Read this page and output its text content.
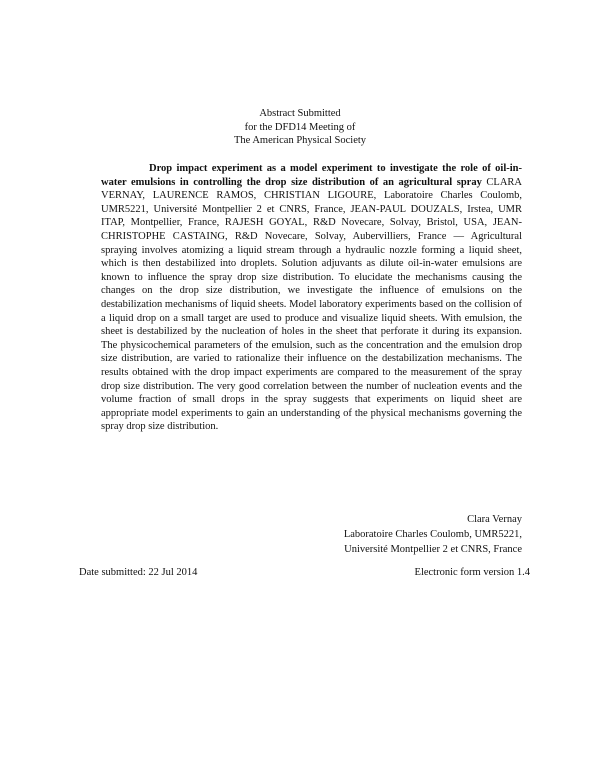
Abstract Submitted
for the DFD14 Meeting of
The American Physical Society
Drop impact experiment as a model experiment to investigate the role of oil-in-water emulsions in controlling the drop size distribution of an agricultural spray CLARA VERNAY, LAURENCE RAMOS, CHRISTIAN LIGOURE, Laboratoire Charles Coulomb, UMR5221, Université Montpellier 2 et CNRS, France, JEAN-PAUL DOUZALS, Irstea, UMR ITAP, Montpellier, France, RAJESH GOYAL, R&D Novecare, Solvay, Bristol, USA, JEAN-CHRISTOPHE CASTAING, R&D Novecare, Solvay, Aubervilliers, France — Agricultural spraying involves atomizing a liquid stream through a hydraulic nozzle forming a liquid sheet, which is then destabilized into droplets. Solution adjuvants as dilute oil-in-water emulsions are known to influence the spray drop size distribution. To elucidate the mechanisms causing the changes on the drop size distribution, we investigate the influence of emulsions on the destabilization mechanisms of liquid sheets. Model laboratory experiments based on the collision of a liquid drop on a small target are used to produce and visualize liquid sheets. With emulsion, the sheet is destabilized by the nucleation of holes in the sheet that perforate it during its expansion. The physicochemical parameters of the emulsion, such as the concentration and the emulsion drop size distribution, are varied to rationalize their influence on the destabilization mechanisms. The results obtained with the drop impact experiments are compared to the measurement of the spray drop size distribution. The very good correlation between the number of nucleation events and the volume fraction of small drops in the spray suggests that experiments on liquid sheet are appropriate model experiments to gain an understanding of the physical mechanisms governing the spray drop size distribution.
Clara Vernay
Laboratoire Charles Coulomb, UMR5221,
Université Montpellier 2 et CNRS, France
Date submitted: 22 Jul 2014	Electronic form version 1.4
